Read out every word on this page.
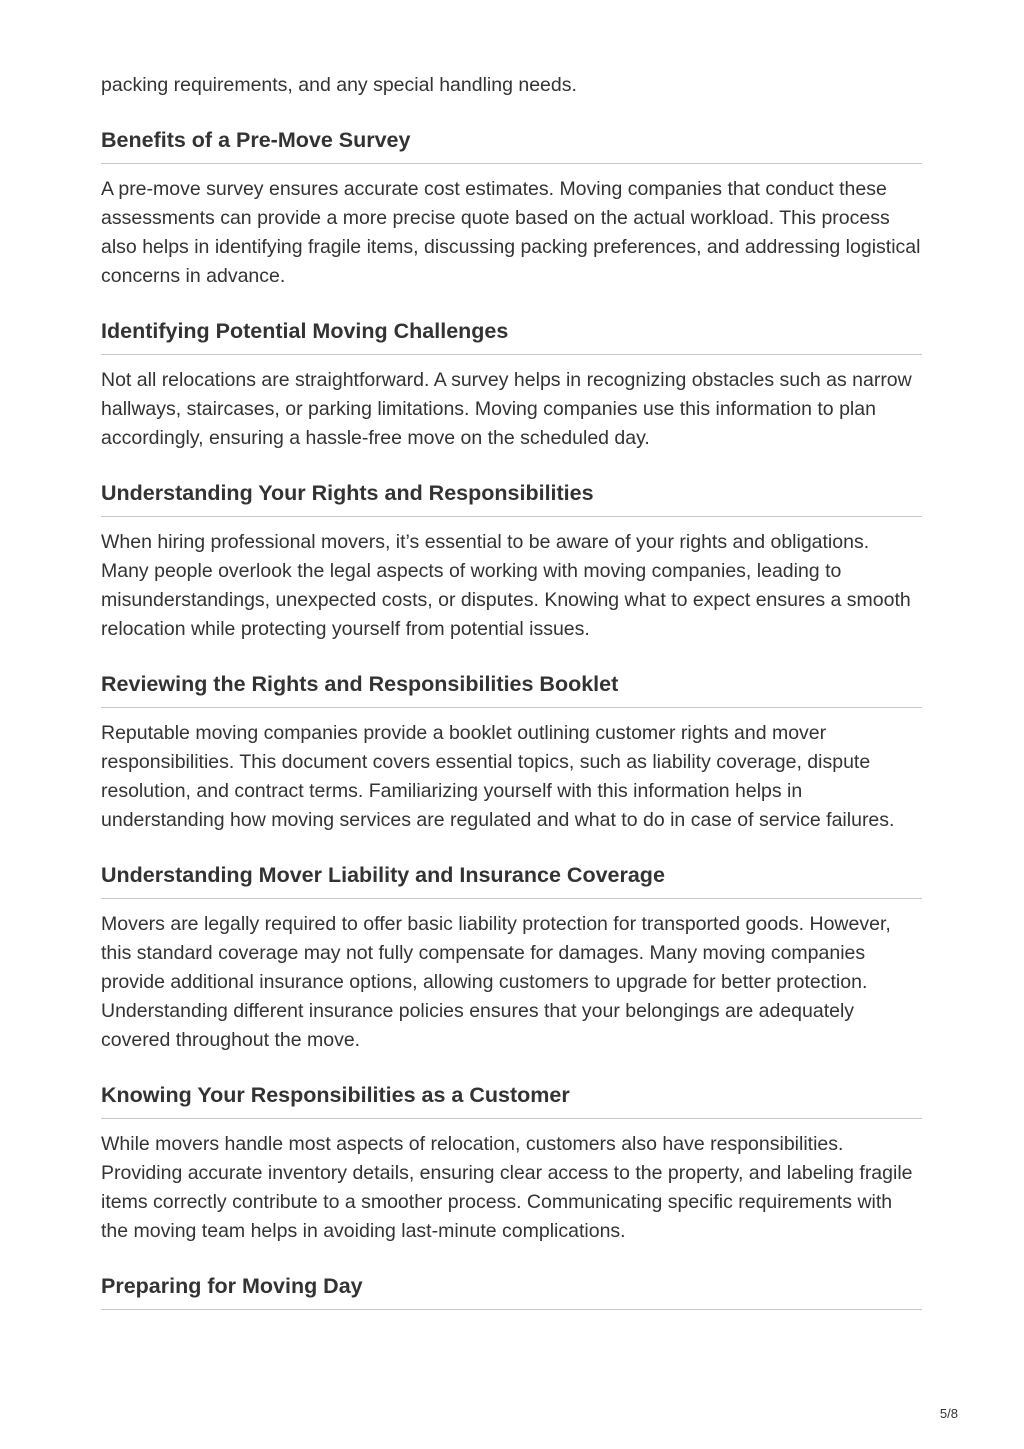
packing requirements, and any special handling needs.

Benefits of a Pre-Move Survey

A pre-move survey ensures accurate cost estimates. Moving companies that conduct these assessments can provide a more precise quote based on the actual workload. This process also helps in identifying fragile items, discussing packing preferences, and addressing logistical concerns in advance.

Identifying Potential Moving Challenges

Not all relocations are straightforward. A survey helps in recognizing obstacles such as narrow hallways, staircases, or parking limitations. Moving companies use this information to plan accordingly, ensuring a hassle-free move on the scheduled day.

Understanding Your Rights and Responsibilities

When hiring professional movers, it’s essential to be aware of your rights and obligations. Many people overlook the legal aspects of working with moving companies, leading to misunderstandings, unexpected costs, or disputes. Knowing what to expect ensures a smooth relocation while protecting yourself from potential issues.

Reviewing the Rights and Responsibilities Booklet

Reputable moving companies provide a booklet outlining customer rights and mover responsibilities. This document covers essential topics, such as liability coverage, dispute resolution, and contract terms. Familiarizing yourself with this information helps in understanding how moving services are regulated and what to do in case of service failures.

Understanding Mover Liability and Insurance Coverage

Movers are legally required to offer basic liability protection for transported goods. However, this standard coverage may not fully compensate for damages. Many moving companies provide additional insurance options, allowing customers to upgrade for better protection. Understanding different insurance policies ensures that your belongings are adequately covered throughout the move.

Knowing Your Responsibilities as a Customer

While movers handle most aspects of relocation, customers also have responsibilities. Providing accurate inventory details, ensuring clear access to the property, and labeling fragile items correctly contribute to a smoother process. Communicating specific requirements with the moving team helps in avoiding last-minute complications.

Preparing for Moving Day
5/8
